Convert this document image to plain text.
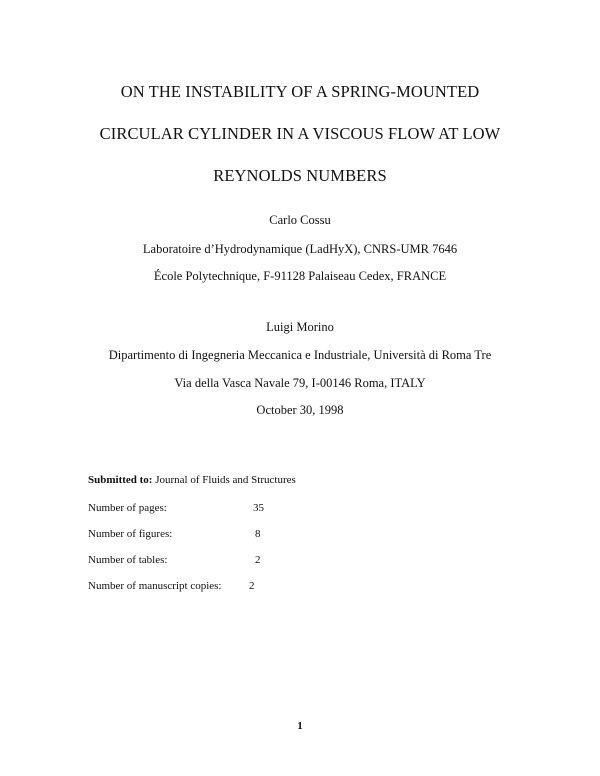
ON THE INSTABILITY OF A SPRING-MOUNTED
CIRCULAR CYLINDER IN A VISCOUS FLOW AT LOW
REYNOLDS NUMBERS
Carlo Cossu
Laboratoire d’Hydrodynamique (LadHyX), CNRS-UMR 7646
École Polytechnique, F-91128 Palaiseau Cedex, FRANCE
Luigi Morino
Dipartimento di Ingegneria Meccanica e Industriale, Università di Roma Tre
Via della Vasca Navale 79, I-00146 Roma, ITALY
October 30, 1998
Submitted to: Journal of Fluids and Structures
Number of pages:	35
Number of figures:	8
Number of tables:	2
Number of manuscript copies:	2
1
